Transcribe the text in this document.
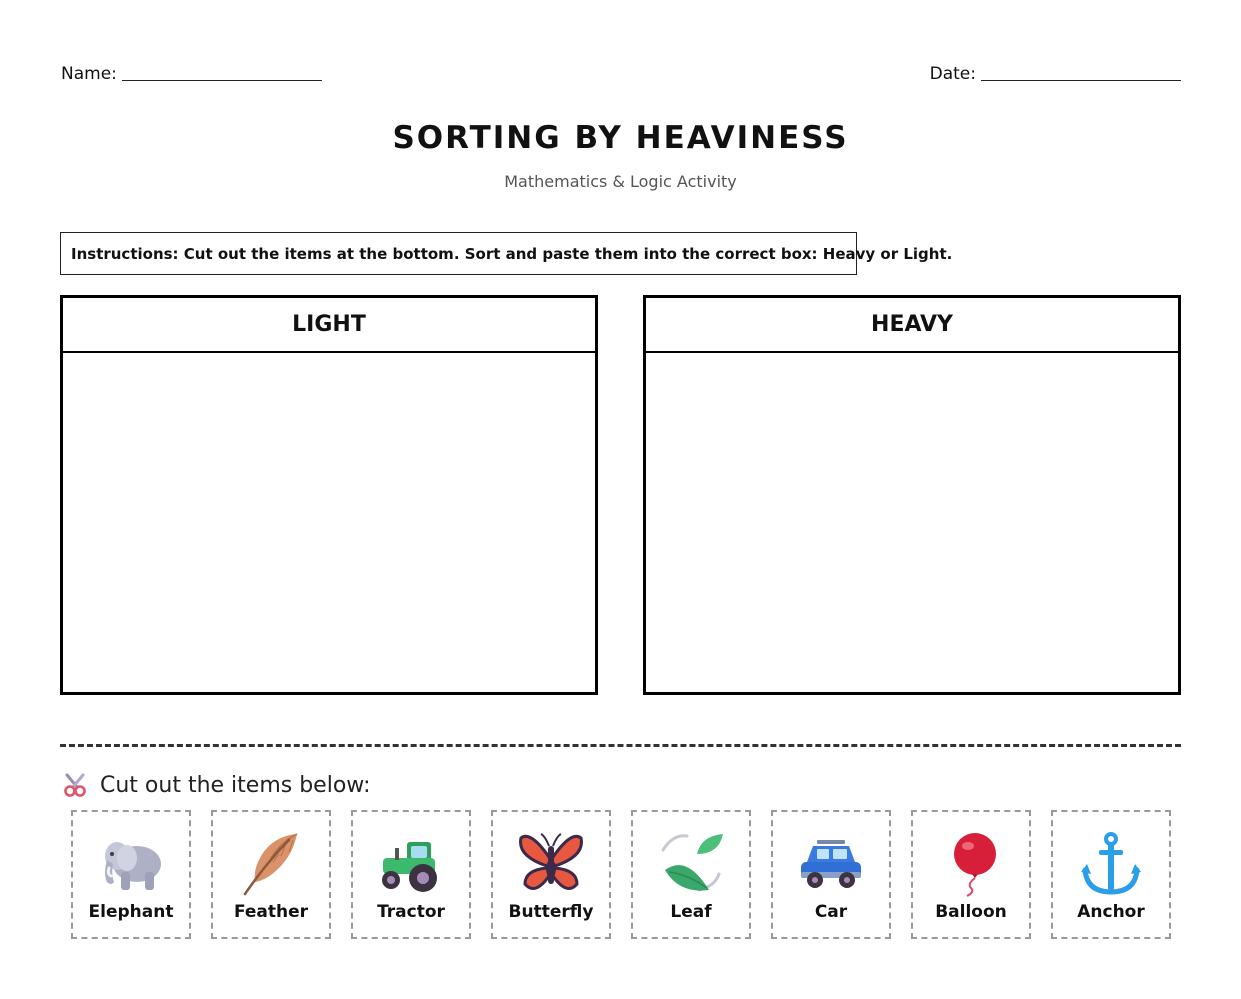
Name:	Date:
SORTING BY HEAVINESS
Mathematics & Logic Activity
Instructions: Cut out the items at the bottom. Sort and paste them into the correct box: Heavy or Light.
LIGHT	HEAVY
Cut out the items below:
Elephant	Feather	Tractor	Butterfly	Leaf	Car	Balloon	Anchor
